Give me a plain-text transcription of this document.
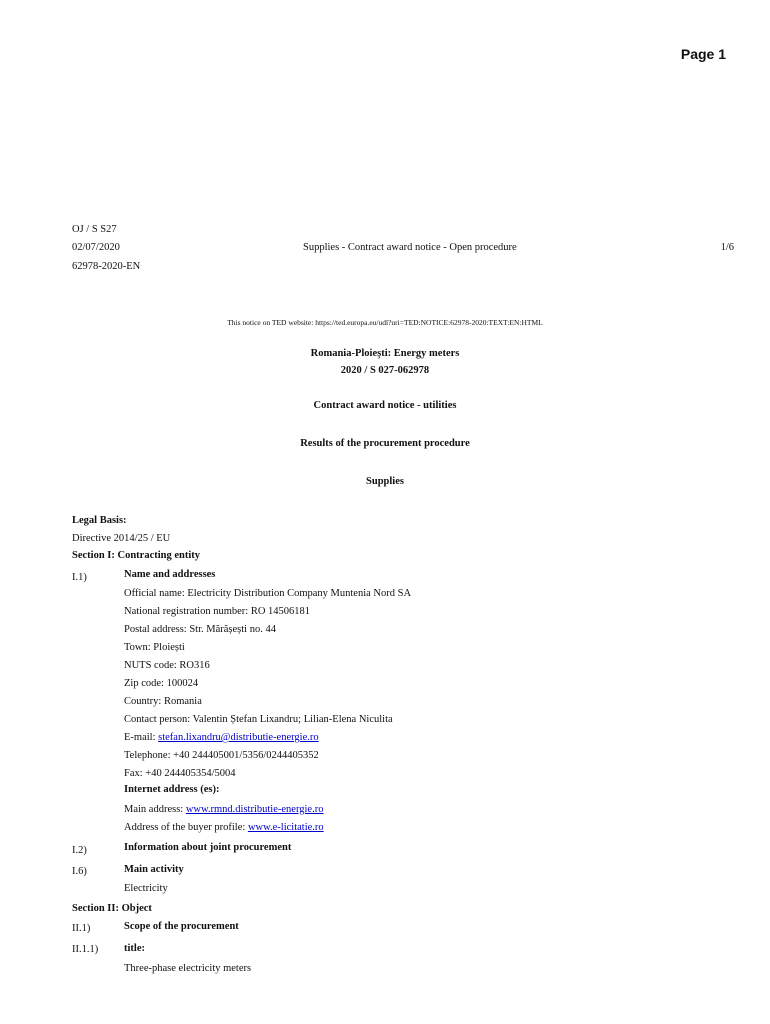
Page 1
OJ / S S27
02/07/2020	Supplies - Contract award notice - Open procedure	1/6
62978-2020-EN
This notice on TED website: https://ted.europa.eu/udl?uri=TED:NOTICE:62978-2020:TEXT:EN:HTML
Romania-Ploiești: Energy meters
2020 / S 027-062978
Contract award notice - utilities
Results of the procurement procedure
Supplies
Legal Basis:
Directive 2014/25 / EU
Section I: Contracting entity
I.1)	Name and addresses
Official name: Electricity Distribution Company Muntenia Nord SA
National registration number: RO 14506181
Postal address: Str. Mărășești no. 44
Town: Ploiești
NUTS code: RO316
Zip code: 100024
Country: Romania
Contact person: Valentin Ștefan Lixandru; Lilian-Elena Niculita
E-mail: stefan.lixandru@distributie-energie.ro
Telephone: +40 244405001/5356/0244405352
Fax: +40 244405354/5004
Internet address (es):
Main address: www.rmnd.distributie-energie.ro
Address of the buyer profile: www.e-licitatie.ro
I.2)	Information about joint procurement
I.6)	Main activity
Electricity
Section II: Object
II.1)	Scope of the procurement
II.1.1) title:
Three-phase electricity meters
